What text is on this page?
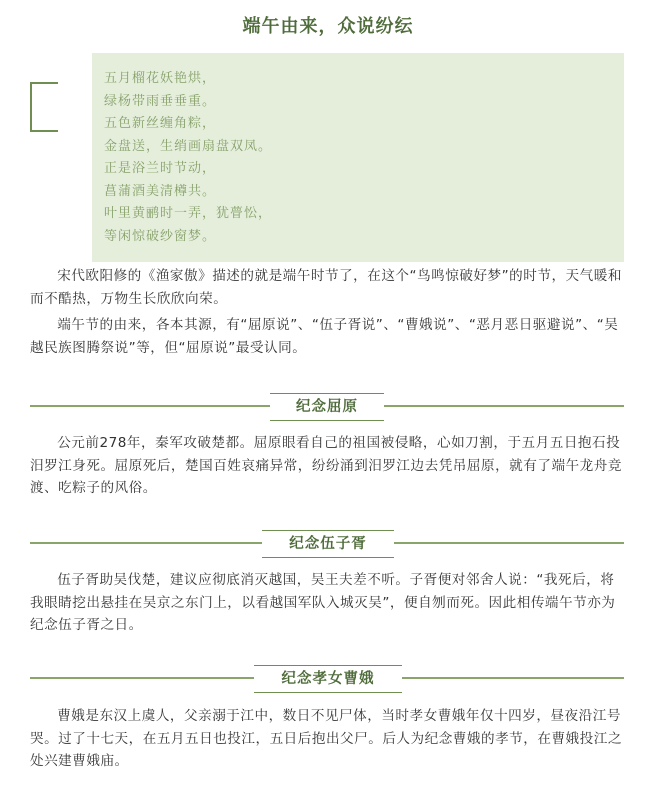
端午由来，众说纷纭
五月榴花妖艳烘，
绿杨带雨垂垂重。
五色新丝缠角粽，
金盘送，生绡画扇盘双凤。
正是浴兰时节动，
菖蒲酒美清樽共。
叶里黄鹂时一弄，犹瞢忪，
等闲惊破纱窗梦。

宋代欧阳修的《渔家傲》描述的就是端午时节了，在这个“鸟鸣惊破好梦”的时节，天气暖和而不酷热，万物生长欣欣向荣。

端午节的由来，各本其源，有“屈原说”、“伍子胥说”、“曹娥说”、“恶月恶日驱避说”、“吴越民族图腾祭说”等，但“屈原说”最受认同。

纪念屈原

公元前278年，秦军攻破楚都。屈原眼看自己的祖国被侵略，心如刀割，于五月五日抱石投汨罗江身死。屈原死后，楚国百姓哀痛异常，纷纷涌到汨罗江边去凭吊屈原，就有了端午龙舟竞渡、吃粽子的风俗。

纪念伍子胥

伍子胥助吴伐楚，建议应彻底消灭越国，吴王夫差不听。子胥便对邻舍人说：“我死后，将我眼睛挖出悬挂在吴京之东门上，以看越国军队入城灭吴”，便自刎而死。因此相传端午节亦为纪念伍子胥之日。

纪念孝女曹娥

曹娥是东汉上虞人，父亲溺于江中，数日不见尸体，当时孝女曹娥年仅十四岁，昼夜沿江号哭。过了十七天，在五月五日也投江，五日后抱出父尸。后人为纪念曹娥的孝节，在曹娥投江之处兴建曹娥庙。
